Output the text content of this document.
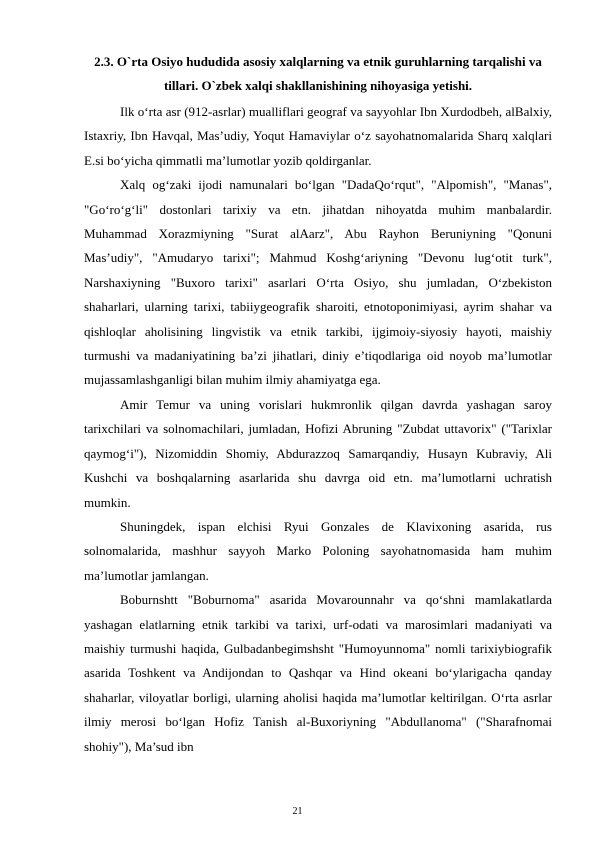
2.3. O`rta Osiyo hududida asosiy xalqlarning va etnik guruhlarning tarqalishi va tillari. O`zbek xalqi shakllanishining nihoyasiga yetishi.

Ilk o‘rta asr (912-asrlar) mualliflari geograf va sayyohlar Ibn Xurdodbeh, alBalxiy, Istaxriy, Ibn Havqal, Mas’udiy, Yoqut Hamaviylar o‘z sayohatnomalarida Sharq xalqlari E.si bo‘yicha qimmatli ma’lumotlar yozib qoldirganlar.

Xalq og‘zaki ijodi namunalari bo‘lgan "DadaQo‘rqut", "Alpomish", "Manas", "Go‘ro‘g‘li" dostonlari tarixiy va etn. jihatdan nihoyatda muhim manbalardir. Muhammad Xorazmiyning "Surat alAarz", Abu Rayhon Beruniyning "Qonuni Mas’udiy", "Amudaryo tarixi"; Mahmud Koshg‘ariyning "Devonu lug‘otit turk", Narshaxiyning "Buxoro tarixi" asarlari O‘rta Osiyo, shu jumladan, O‘zbekiston shaharlari, ularning tarixi, tabiiygeografik sharoiti, etnotoponimiyasi, ayrim shahar va qishloqlar aholisining lingvistik va etnik tarkibi, ijgimoiy-siyosiy hayoti, maishiy turmushi va madaniyatining ba’zi jihatlari, diniy e’tiqodlariga oid noyob ma’lumotlar mujassamlashganligi bilan muhim ilmiy ahamiyatga ega.

Amir Temur va uning vorislari hukmronlik qilgan davrda yashagan saroy tarixchilari va solnomachilari, jumladan, Hofizi Abruning "Zubdat uttavorix" ("Tarixlar qaymog‘i"), Nizomiddin Shomiy, Abdurazzoq Samarqandiy, Husayn Kubraviy, Ali Kushchi va boshqalarning asarlarida shu davrga oid etn. ma’lumotlarni uchratish mumkin.

Shuningdek, ispan elchisi Ryui Gonzales de Klavixoning asarida, rus solnomalarida, mashhur sayyoh Marko Poloning sayohatnomasida ham muhim ma’lumotlar jamlangan.

Boburnshtt "Boburnoma" asarida Movarounnahr va qo‘shni mamlakatlarda yashagan elatlarning etnik tarkibi va tarixi, urf-odati va marosimlari madaniyati va maishiy turmushi haqida, Gulbadanbegimshsht "Humoyunnoma" nomli tarixiybiografik asarida Toshkent va Andijondan to Qashqar va Hind okeani bo‘ylarigacha qanday shaharlar, viloyatlar borligi, ularning aholisi haqida ma’lumotlar keltirilgan. O‘rta asrlar ilmiy merosi bo‘lgan Hofiz Tanish al-Buxoriyning "Abdullanoma" ("Sharafnomai shohiy"), Ma’sud ibn

21
